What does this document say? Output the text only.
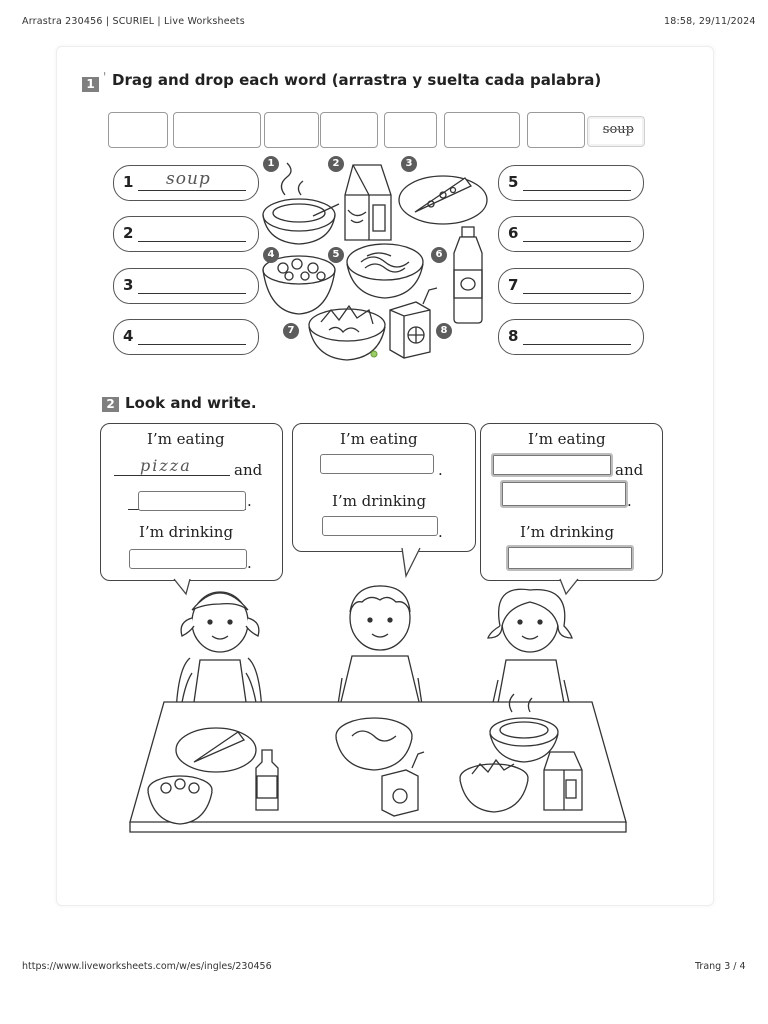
Arrastra 230456 | SCURIEL | Live Worksheets	18:58, 29/11/2024
https://www.liveworksheets.com/w/es/ingles/230456	Trang 3 / 4
1 ' Drag and drop each word (arrastra y suelta cada palabra)
soup
1 soup
2
3
4
5
6
7
8
1	2	3
4	5	6
7	8
2 Look and write.
I’m eating
pizza	and
.
I’m drinking
.
I’m eating
.
I’m drinking
.
I’m eating
and
.
I’m drinking
